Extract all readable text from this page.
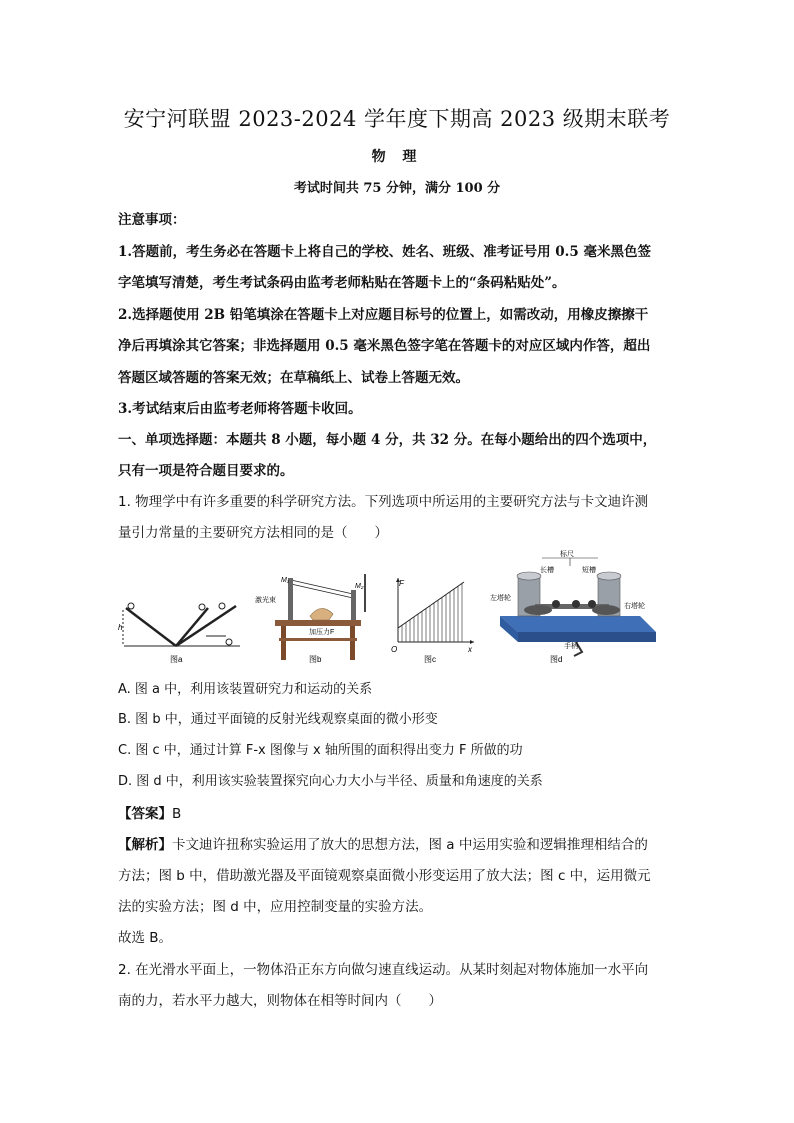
安宁河联盟 2023-2024 学年度下期高 2023 级期末联考
物 理
考试时间共 75 分钟，满分 100 分
注意事项：
1.答题前，考生务必在答题卡上将自己的学校、姓名、班级、准考证号用 0.5 毫米黑色签
字笔填写清楚，考生考试条码由监考老师粘贴在答题卡上的“条码粘贴处”。
2.选择题使用 2B 铅笔填涂在答题卡上对应题目标号的位置上，如需改动，用橡皮擦擦干
净后再填涂其它答案；非选择题用 0.5 毫米黑色签字笔在答题卡的对应区域内作答，超出
答题区域答题的答案无效；在草稿纸上、试卷上答题无效。
3.考试结束后由监考老师将答题卡收回。
一、单项选择题：本题共 8 小题，每小题 4 分，共 32 分。在每小题给出的四个选项中，
只有一项是符合题目要求的。
1. 物理学中有许多重要的科学研究方法。下列选项中所运用的主要研究方法与卡文迪许测
量引力常量的主要研究方法相同的是（　　）
h
图a
M₁
M₂
激光束
加压力F
图b
F
x
O
图c
标尺
长槽	短槽
左塔轮
右塔轮
手柄
A	B C
图d
A. 图 a 中，利用该装置研究力和运动的关系
B. 图 b 中，通过平面镜的反射光线观察桌面的微小形变
C. 图 c 中，通过计算 F-x 图像与 x 轴所围的面积得出变力 F 所做的功
D. 图 d 中，利用该实验装置探究向心力大小与半径、质量和角速度的关系
【答案】B
【解析】卡文迪许扭称实验运用了放大的思想方法，图 a 中运用实验和逻辑推理相结合的
方法；图 b 中，借助激光器及平面镜观察桌面微小形变运用了放大法；图 c 中，运用微元
法的实验方法；图 d 中，应用控制变量的实验方法。
故选 B。
2. 在光滑水平面上，一物体沿正东方向做匀速直线运动。从某时刻起对物体施加一水平向
南的力，若水平力越大，则物体在相等时间内（　　）
